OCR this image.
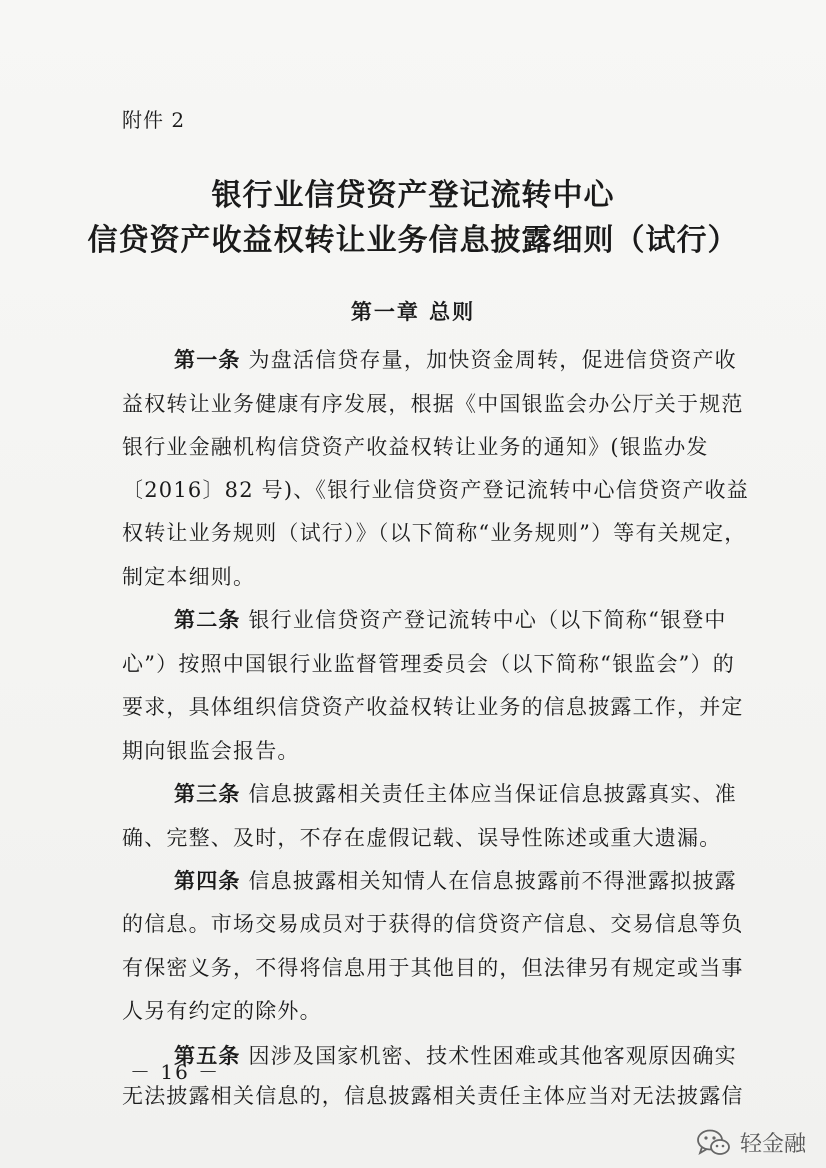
附件 2
银行业信贷资产登记流转中心
信贷资产收益权转让业务信息披露细则（试行）
第一章 总则
第一条 为盘活信贷存量，加快资金周转，促进信贷资产收
益权转让业务健康有序发展，根据《中国银监会办公厅关于规范
银行业金融机构信贷资产收益权转让业务的通知》(银监办发
〔2016〕82 号)、《银行业信贷资产登记流转中心信贷资产收益
权转让业务规则（试行）》（以下简称“业务规则”）等有关规定，
制定本细则。
第二条 银行业信贷资产登记流转中心（以下简称“银登中
心”）按照中国银行业监督管理委员会（以下简称“银监会”）的
要求，具体组织信贷资产收益权转让业务的信息披露工作，并定
期向银监会报告。
第三条 信息披露相关责任主体应当保证信息披露真实、准
确、完整、及时，不存在虚假记载、误导性陈述或重大遗漏。
第四条 信息披露相关知情人在信息披露前不得泄露拟披露
的信息。市场交易成员对于获得的信贷资产信息、交易信息等负
有保密义务，不得将信息用于其他目的，但法律另有规定或当事
人另有约定的除外。
第五条 因涉及国家机密、技术性困难或其他客观原因确实
无法披露相关信息的，信息披露相关责任主体应当对无法披露信
－ 16 －
轻金融
